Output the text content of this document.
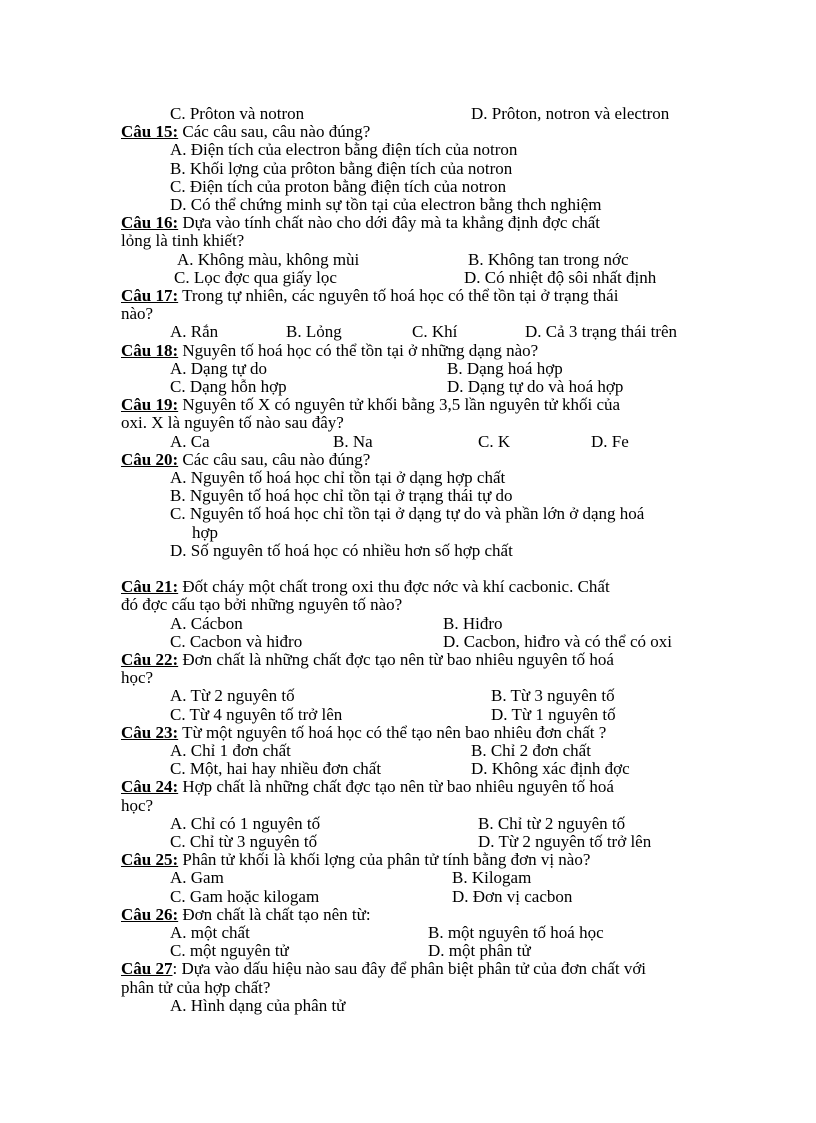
C. Prôton và notron	D. Prôton, notron và electron
Câu 15: Các câu sau, câu nào đúng?
A. Điện tích của electron bằng điện tích của notron
B. Khối lợng của prôton bằng điện tích của notron
C. Điện tích của proton bằng điện tích của notron
D. Có thể chứng minh sự tồn tại của electron bằng thch nghiệm
Câu 16: Dựa vào tính chất nào cho dới đây mà ta khẳng định đợc chất
lỏng là tinh khiết?
A. Không màu, không mùi	B. Không tan trong nớc
C. Lọc đợc qua giấy lọc	D. Có nhiệt độ sôi nhất định
Câu 17: Trong tự nhiên, các nguyên tố hoá học có thể tồn tại ở trạng thái
nào?
A. Rắn	B. Lỏng	C. Khí	D. Cả 3 trạng thái trên
Câu 18: Nguyên tố hoá học có thể tồn tại ở những dạng nào?
A. Dạng tự do	B. Dạng hoá hợp
C. Dạng hỗn hợp	D. Dạng tự do và hoá hợp
Câu 19: Nguyên tố X có nguyên tử khối bằng 3,5 lần nguyên tử khối của
oxi. X là nguyên tố nào sau đây?
A. Ca	B. Na	C. K	D. Fe
Câu 20: Các câu sau, câu nào đúng?
A. Nguyên tố hoá học chỉ tồn tại ở dạng hợp chất
B. Nguyên tố hoá học chỉ tồn tại ở trạng thái tự do
C. Nguyên tố hoá học chỉ tồn tại ở dạng tự do và phần lớn ở dạng hoá
hợp
D. Số nguyên tố hoá học có nhiều hơn số hợp chất
Câu 21: Đốt cháy một chất trong oxi thu đợc nớc và khí cacbonic. Chất
đó đợc cấu tạo bởi những nguyên tố nào?
A. Cácbon	B. Hiđro
C. Cacbon và hiđro	D. Cacbon, hiđro và có thể có oxi
Câu 22: Đơn chất là những chất đợc tạo nên từ bao nhiêu nguyên tố hoá
học?
A. Từ 2 nguyên tố	B. Từ 3 nguyên tố
C. Từ 4 nguyên tố trở lên	D. Từ 1 nguyên tố
Câu 23: Từ một nguyên tố hoá học có thể tạo nên bao nhiêu đơn chất ?
A. Chỉ 1 đơn chất	B. Chỉ 2 đơn chất
C. Một, hai hay nhiều đơn chất	D. Không xác định đợc
Câu 24: Hợp chất là những chất đợc tạo nên từ bao nhiêu nguyên tố hoá
học?
A. Chỉ có 1 nguyên tố	B. Chỉ từ 2 nguyên tố
C. Chỉ từ 3 nguyên tố	D. Từ 2 nguyên tố trở lên
Câu 25: Phân tử khối là khối lợng của phân tử tính bằng đơn vị nào?
A. Gam	B. Kilogam
C. Gam hoặc kilogam	D. Đơn vị cacbon
Câu 26: Đơn chất là chất tạo nên từ:
A. một chất	B. một nguyên tố hoá học
C. một nguyên tử	D. một phân tử
Câu 27: Dựa vào dấu hiệu nào sau đây để phân biệt phân tử của đơn chất với
phân tử của hợp chất?
A. Hình dạng của phân tử
